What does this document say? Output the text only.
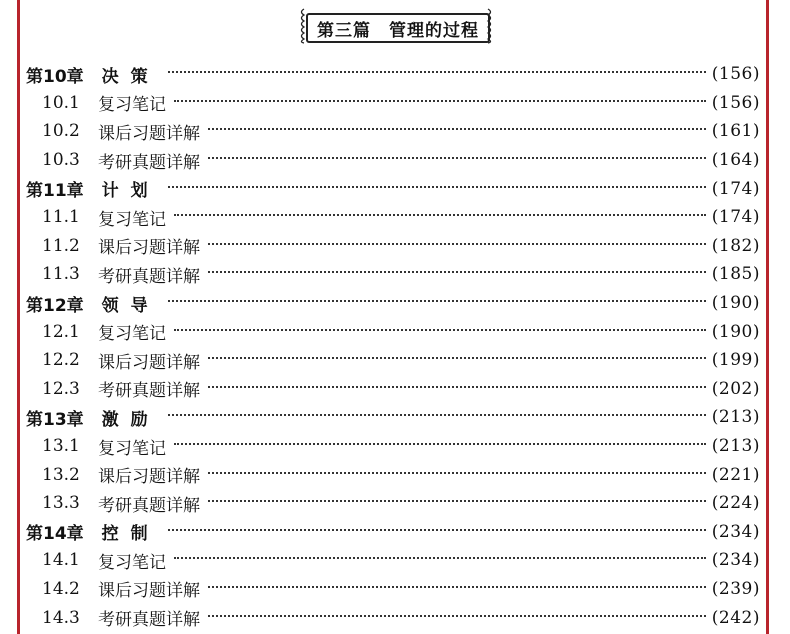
第三篇 管理的过程
第10章 决策	(156)
10.1	复习笔记	(156)
10.2	课后习题详解	(161)
10.3	考研真题详解	(164)
第11章 计划	(174)
11.1	复习笔记	(174)
11.2	课后习题详解	(182)
11.3	考研真题详解	(185)
第12章 领导	(190)
12.1	复习笔记	(190)
12.2	课后习题详解	(199)
12.3	考研真题详解	(202)
第13章 激励	(213)
13.1	复习笔记	(213)
13.2	课后习题详解	(221)
13.3	考研真题详解	(224)
第14章 控制	(234)
14.1	复习笔记	(234)
14.2	课后习题详解	(239)
14.3	考研真题详解	(242)
